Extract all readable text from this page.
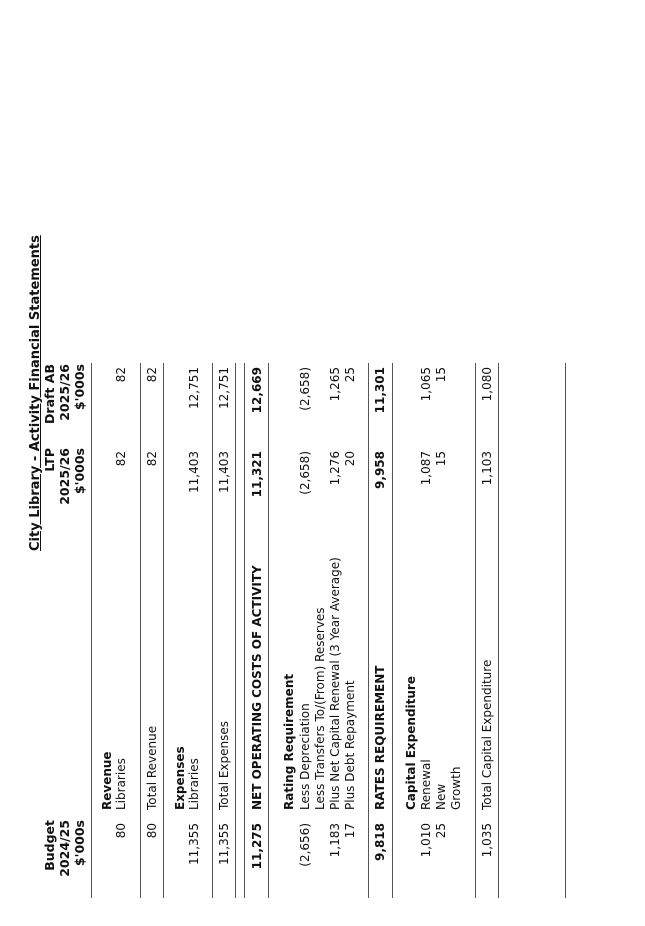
City Library - Activity Financial Statements
Budget 2024/25 $'000s
LTP 2025/26 $'000s
Draft AB 2025/26 $'000s
Revenue
80
Libraries
82
82
80
Total Revenue
82
82
Expenses
11,355
Libraries
11,403
12,751
11,355
Total Expenses
11,403
12,751
11,275
NET OPERATING COSTS OF ACTIVITY
11,321
12,669
Rating Requirement
(2,656)
Less Depreciation
(2,658)
(2,658)
Less Transfers To/(From) Reserves
1,183
Plus Net Capital Renewal (3 Year Average)
1,276
1,265
17
Plus Debt Repayment
20
25
9,818
RATES REQUIREMENT
9,958
11,301
Capital Expenditure
1,010
Renewal
1,087
1,065
25
New
15
15
Growth
1,035
Total Capital Expenditure
1,103
1,080
